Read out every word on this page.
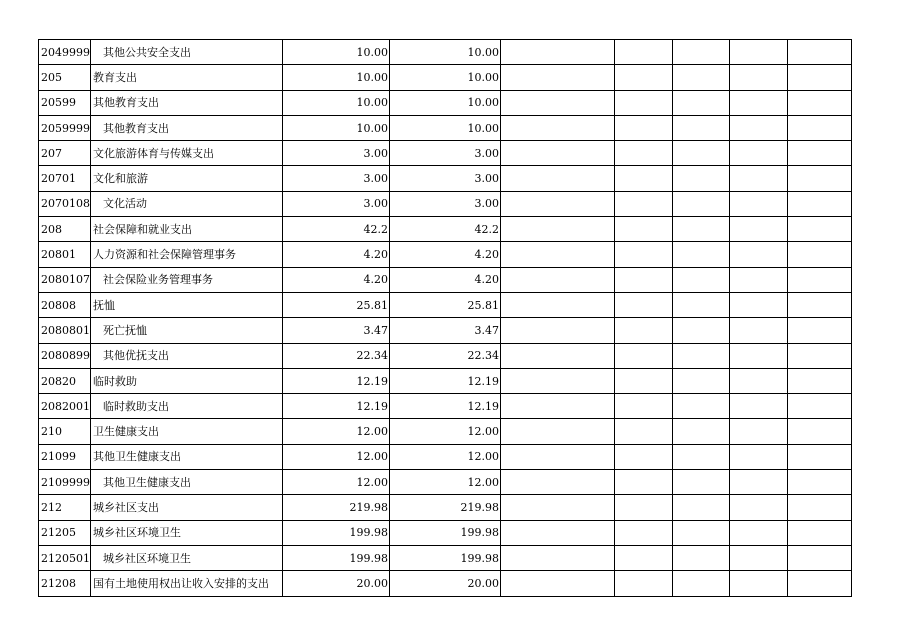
2049999	其他公共安全支出	10.00	10.00					
205	教育支出	10.00	10.00					
20599	其他教育支出	10.00	10.00					
2059999	其他教育支出	10.00	10.00					
207	文化旅游体育与传媒支出	3.00	3.00					
20701	文化和旅游	3.00	3.00					
2070108	文化活动	3.00	3.00					
208	社会保障和就业支出	42.2	42.2					
20801	人力资源和社会保障管理事务	4.20	4.20					
2080107	社会保险业务管理事务	4.20	4.20					
20808	抚恤	25.81	25.81					
2080801	死亡抚恤	3.47	3.47					
2080899	其他优抚支出	22.34	22.34					
20820	临时救助	12.19	12.19					
2082001	临时救助支出	12.19	12.19					
210	卫生健康支出	12.00	12.00					
21099	其他卫生健康支出	12.00	12.00					
2109999	其他卫生健康支出	12.00	12.00					
212	城乡社区支出	219.98	219.98					
21205	城乡社区环境卫生	199.98	199.98					
2120501	城乡社区环境卫生	199.98	199.98					
21208	国有土地使用权出让收入安排的支出	20.00	20.00					
